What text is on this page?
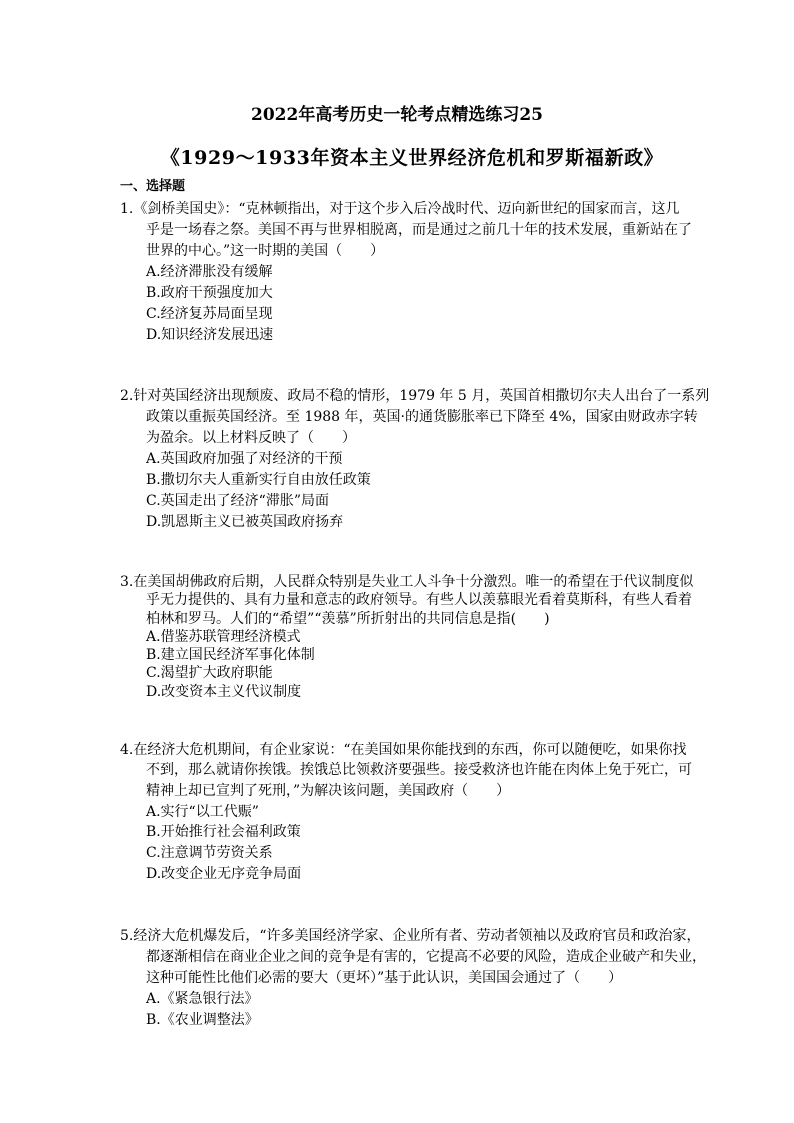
2022年高考历史一轮考点精选练习25
《1929～1933年资本主义世界经济危机和罗斯福新政》
一、选择题
1.《剑桥美国史》：“克林顿指出，对于这个步入后冷战时代、迈向新世纪的国家而言，这几
乎是一场春之祭。美国不再与世界相脱离，而是通过之前几十年的技术发展，重新站在了
世界的中心。”这一时期的美国（　　）
A.经济滞胀没有缓解
B.政府干预强度加大
C.经济复苏局面呈现
D.知识经济发展迅速
2.针对英国经济出现颓废、政局不稳的情形，1979 年 5 月，英国首相撒切尔夫人出台了一系列
政策以重振英国经济。至 1988 年，英国·的通货膨胀率已下降至 4%，国家由财政赤字转
为盈余。以上材料反映了（　　）
A.英国政府加强了对经济的干预
B.撒切尔夫人重新实行自由放任政策
C.英国走出了经济“滞胀”局面
D.凯恩斯主义已被英国政府扬弃
3.在美国胡佛政府后期，人民群众特别是失业工人斗争十分激烈。唯一的希望在于代议制度似
乎无力提供的、具有力量和意志的政府领导。有些人以羡慕眼光看着莫斯科，有些人看着
柏林和罗马。人们的“希望”“羡慕”所折射出的共同信息是指(　　)
A.借鉴苏联管理经济模式
B.建立国民经济军事化体制
C.渴望扩大政府职能
D.改变资本主义代议制度
4.在经济大危机期间，有企业家说：“在美国如果你能找到的东西，你可以随便吃，如果你找
不到，那么就请你挨饿。挨饿总比领救济要强些。接受救济也许能在肉体上免于死亡，可
精神上却已宣判了死刑，”为解决该问题，美国政府（　　）
A.实行“以工代赈”
B.开始推行社会福利政策
C.注意调节劳资关系
D.改变企业无序竞争局面
5.经济大危机爆发后，“许多美国经济学家、企业所有者、劳动者领袖以及政府官员和政治家，
都逐渐相信在商业企业之间的竞争是有害的，它提高不必要的风险，造成企业破产和失业，
这种可能性比他们必需的要大（更坏）”基于此认识，美国国会通过了（　　）
A.《紧急银行法》
B.《农业调整法》
